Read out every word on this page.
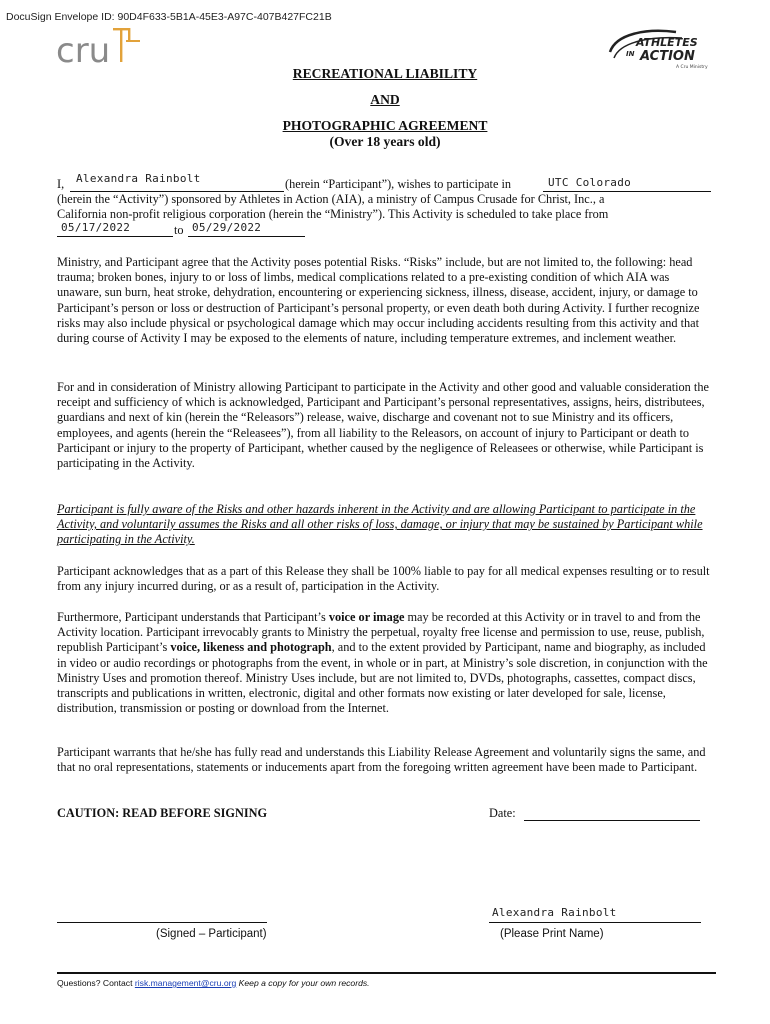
DocuSign Envelope ID: 90D4F633-5B1A-45E3-A97C-407B427FC21B
cru	ATHLETES
IN ACTION
A Cru Ministry
RECREATIONAL LIABILITY
AND
PHOTOGRAPHIC AGREEMENT
(Over 18 years old)
I, Alexandra Rainbolt	(herein “Participant”), wishes to participate in	UTC Colorado
(herein the “Activity”) sponsored by Athletes in Action (AIA), a ministry of Campus Crusade for Christ, Inc., a
California non-profit religious corporation (herein the “Ministry”). This Activity is scheduled to take place from
05/17/2022	to 05/29/2022

Ministry, and Participant agree that the Activity poses potential Risks. “Risks” include, but are not limited to, the following: head trauma; broken bones, injury to or loss of limbs, medical complications related to a pre-existing condition of which AIA was unaware, sun burn, heat stroke, dehydration, encountering or experiencing sickness, illness, disease, accident, injury, or damage to Participant’s person or loss or destruction of Participant’s personal property, or even death both during Activity. I further recognize risks may also include physical or psychological damage which may occur including accidents resulting from this activity and that during course of Activity I may be exposed to the elements of nature, including temperature extremes, and inclement weather.

For and in consideration of Ministry allowing Participant to participate in the Activity and other good and valuable consideration the receipt and sufficiency of which is acknowledged, Participant and Participant’s personal representatives, assigns, heirs, distributees, guardians and next of kin (herein the “Releasors”) release, waive, discharge and covenant not to sue Ministry and its officers, employees, and agents (herein the “Releasees”), from all liability to the Releasors, on account of injury to Participant or death to Participant or injury to the property of Participant, whether caused by the negligence of Releasees or otherwise, while Participant is participating in the Activity.

Participant is fully aware of the Risks and other hazards inherent in the Activity and are allowing Participant to participate in the Activity, and voluntarily assumes the Risks and all other risks of loss, damage, or injury that may be sustained by Participant while participating in the Activity.

Participant acknowledges that as a part of this Release they shall be 100% liable to pay for all medical expenses resulting or to result from any injury incurred during, or as a result of, participation in the Activity.

Furthermore, Participant understands that Participant’s voice or image may be recorded at this Activity or in travel to and from the Activity location. Participant irrevocably grants to Ministry the perpetual, royalty free license and permission to use, reuse, publish, republish Participant’s voice, likeness and photograph, and to the extent provided by Participant, name and biography, as included in video or audio recordings or photographs from the event, in whole or in part, at Ministry’s sole discretion, in conjunction with the Ministry Uses and promotion thereof. Ministry Uses include, but are not limited to, DVDs, photographs, cassettes, compact discs, transcripts and publications in written, electronic, digital and other formats now existing or later developed for sale, license, distribution, transmission or posting or download from the Internet.

Participant warrants that he/she has fully read and understands this Liability Release Agreement and voluntarily signs the same, and that no oral representations, statements or inducements apart from the foregoing written agreement have been made to Participant.

CAUTION: READ BEFORE SIGNING	Date:
(Signed – Participant)
Alexandra Rainbolt
(Please Print Name)
Questions? Contact risk.management@cru.org Keep a copy for your own records.
